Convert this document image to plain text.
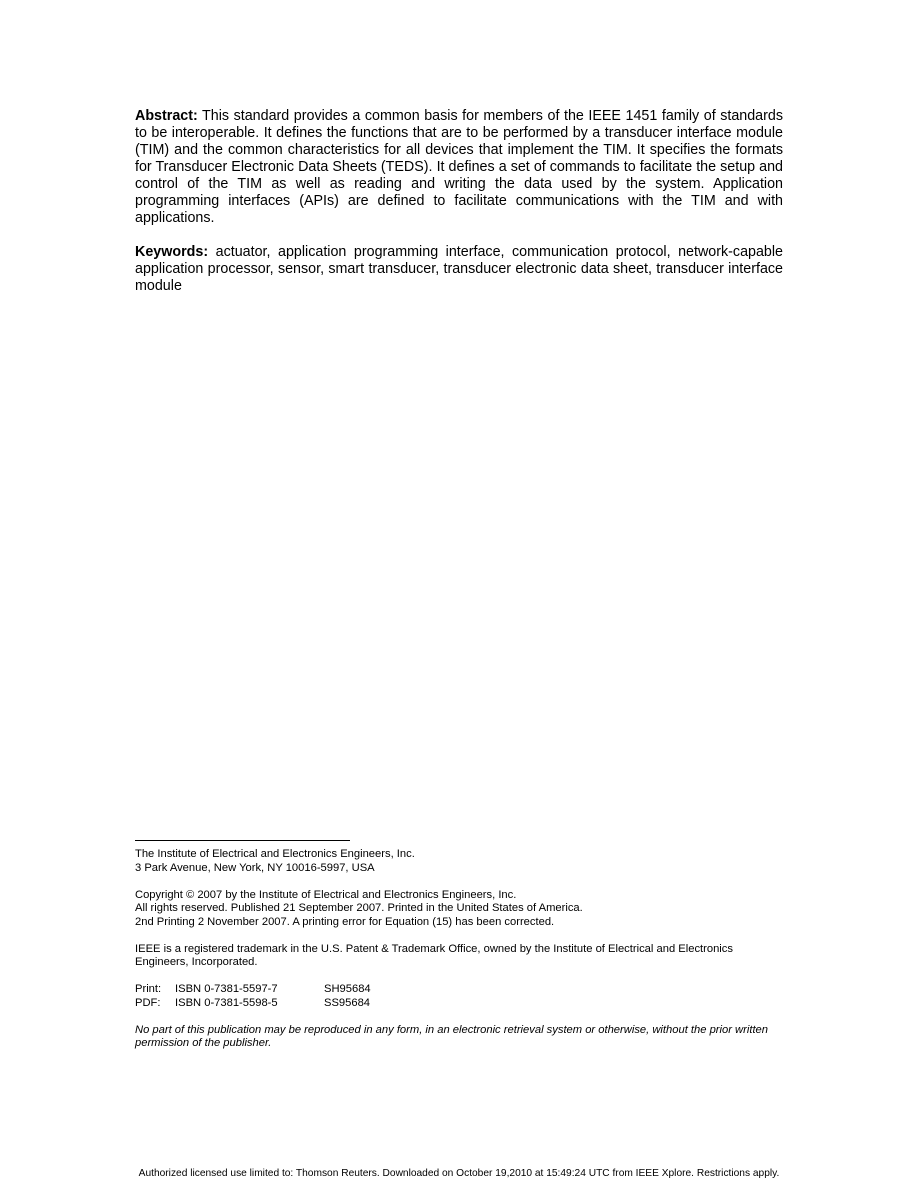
Abstract: This standard provides a common basis for members of the IEEE 1451 family of standards to be interoperable. It defines the functions that are to be performed by a transducer interface module (TIM) and the common characteristics for all devices that implement the TIM. It specifies the formats for Transducer Electronic Data Sheets (TEDS). It defines a set of commands to facilitate the setup and control of the TIM as well as reading and writing the data used by the system. Application programming interfaces (APIs) are defined to facilitate communications with the TIM and with applications.

Keywords: actuator, application programming interface, communication protocol, network-capable application processor, sensor, smart transducer, transducer electronic data sheet, transducer interface module

The Institute of Electrical and Electronics Engineers, Inc.
3 Park Avenue, New York, NY 10016-5997, USA
Copyright © 2007 by the Institute of Electrical and Electronics Engineers, Inc.
All rights reserved. Published 21 September 2007. Printed in the United States of America.
2nd Printing 2 November 2007. A printing error for Equation (15) has been corrected.
IEEE is a registered trademark in the U.S. Patent & Trademark Office, owned by the Institute of Electrical and Electronics Engineers, Incorporated.
Print:	ISBN 0-7381-5597-7	SH95684
PDF:	ISBN 0-7381-5598-5	SS95684
No part of this publication may be reproduced in any form, in an electronic retrieval system or otherwise, without the prior written permission of the publisher.
Authorized licensed use limited to: Thomson Reuters. Downloaded on October 19,2010 at 15:49:24 UTC from IEEE Xplore. Restrictions apply.
